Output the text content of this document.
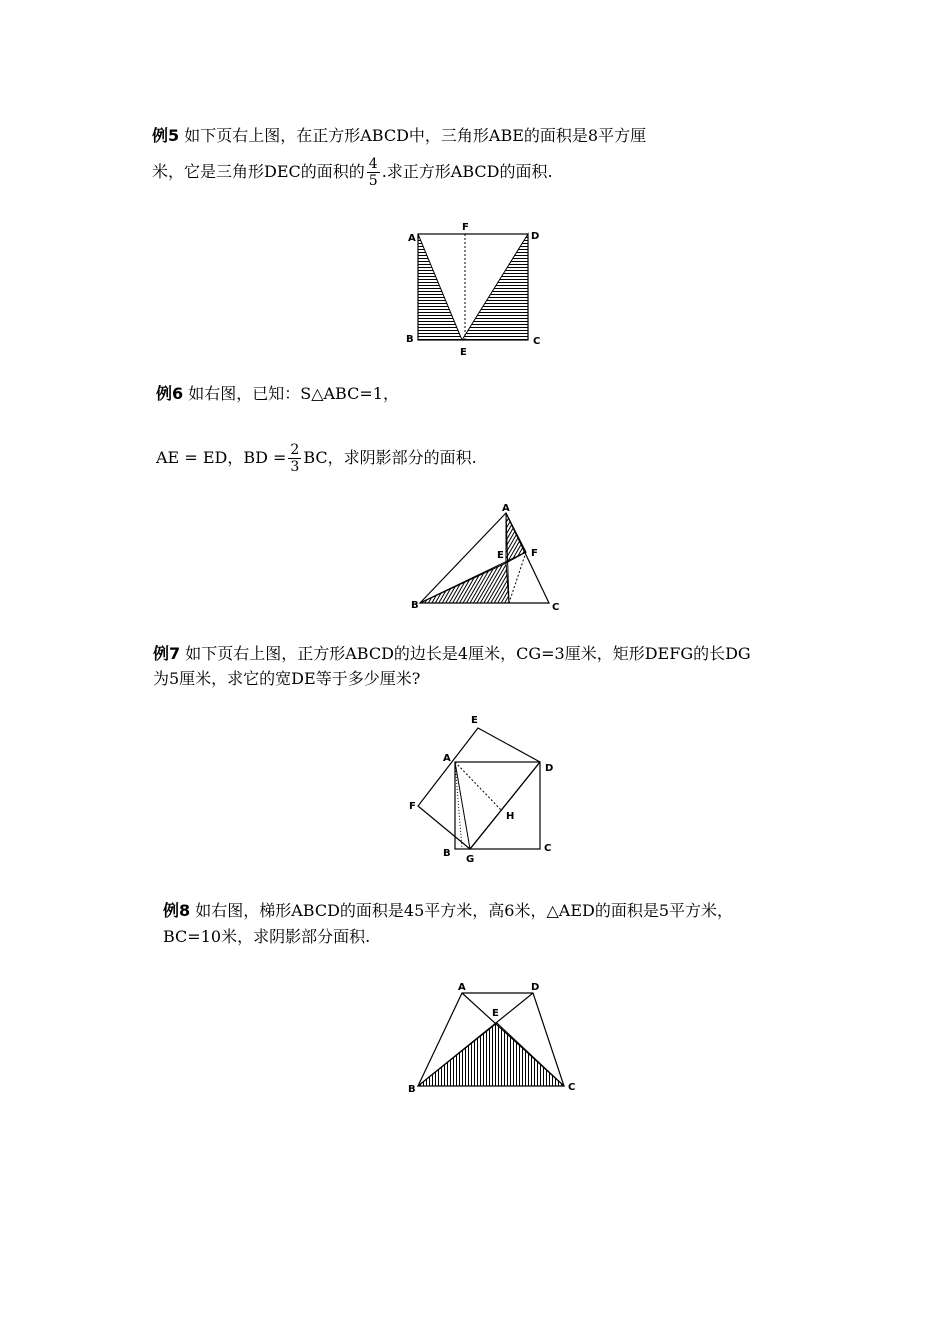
例5 如下页右上图，在正方形ABCD中，三角形ABE的面积是8平方厘
米，它是三角形DEC的面积的 $\frac{4}{5}$ .求正方形ABCD的面积.
A
F
D
B
E
C
例6 如右图，已知：S△ABC=1，
AE = ED，BD = $\frac{2}{3}$ BC，求阴影部分的面积.
A
E	F
B	C
例7 如下页右上图，正方形ABCD的边长是4厘米，CG=3厘米，矩形DEFG的长DG
为5厘米，求它的宽DE等于多少厘米?
E
A
D
F
H
B
G
C
例8 如右图，梯形ABCD的面积是45平方米，高6米，△AED的面积是5平方米，
BC=10米，求阴影部分面积.
A	D
E
B	C
